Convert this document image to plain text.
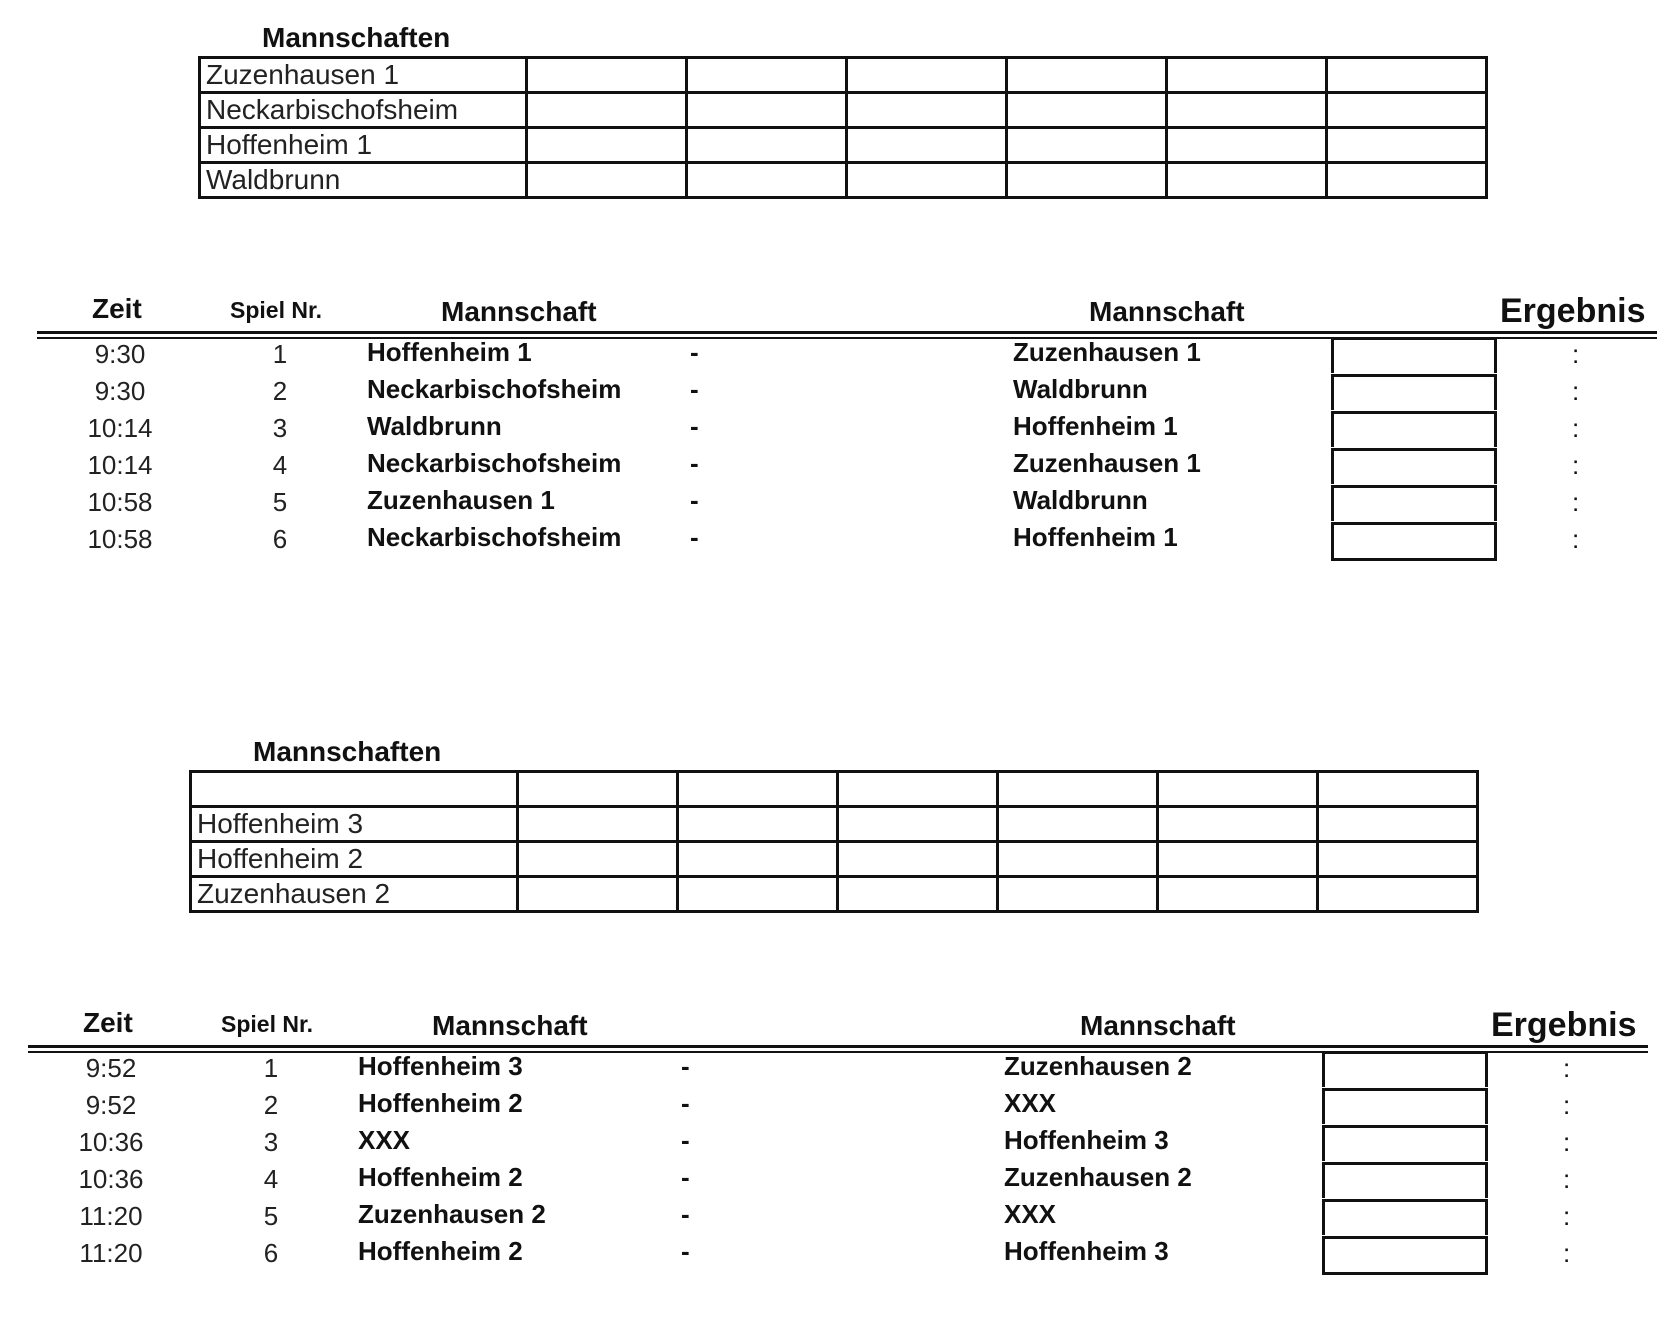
Mannschaften
Zuzenhausen 1						
Neckarbischofsheim						
Hoffenheim 1						
Waldbrunn						
Zeit	Spiel Nr.	Mannschaft	Mannschaft	Ergebnis
9:30	1	Hoffenheim 1	-	Zuzenhausen 1	:
9:30	2	Neckarbischofsheim	-	Waldbrunn	:
10:14	3	Waldbrunn	-	Hoffenheim 1	:
10:14	4	Neckarbischofsheim	-	Zuzenhausen 1	:
10:58	5	Zuzenhausen 1	-	Waldbrunn	:
10:58	6	Neckarbischofsheim	-	Hoffenheim 1	:
Mannschaften

Hoffenheim 3						
Hoffenheim 2						
Zuzenhausen 2						
Zeit	Spiel Nr.	Mannschaft	Mannschaft	Ergebnis
9:52	1	Hoffenheim 3	-	Zuzenhausen 2	:
9:52	2	Hoffenheim 2	-	XXX	:
10:36	3	XXX	-	Hoffenheim 3	:
10:36	4	Hoffenheim 2	-	Zuzenhausen 2	:
11:20	5	Zuzenhausen 2	-	XXX	:
11:20	6	Hoffenheim 2	-	Hoffenheim 3	:
